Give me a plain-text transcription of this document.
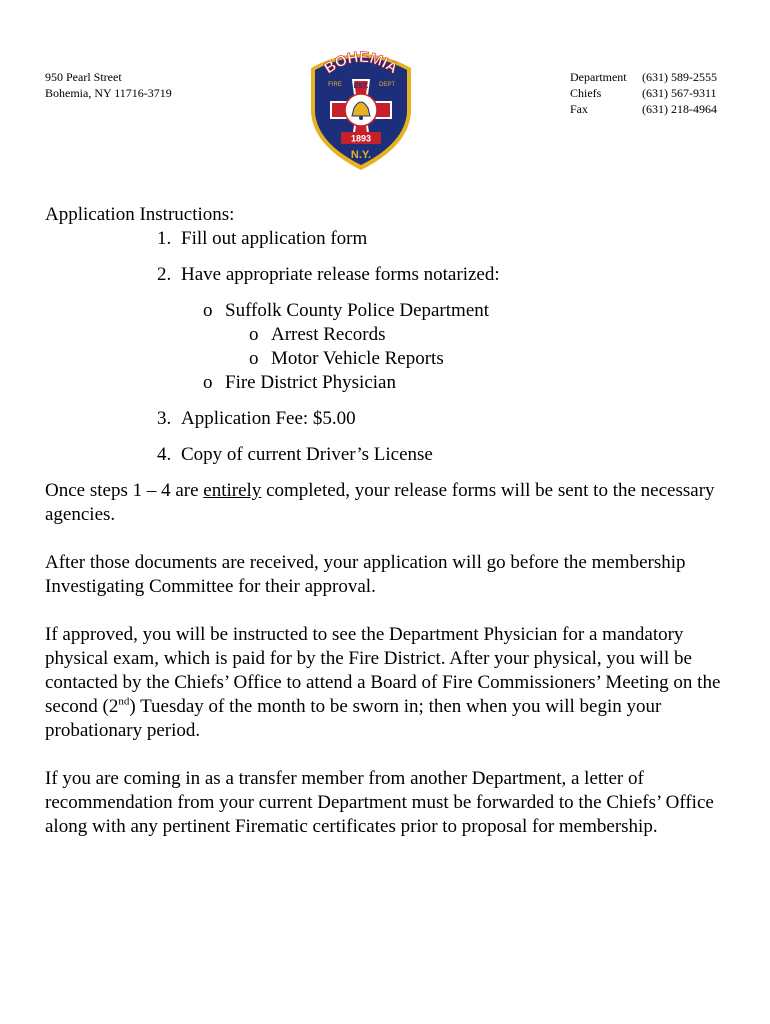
950 Pearl Street
Bohemia, NY 11716-3719
BOHEMIA
EST.
FIRE	DEPT
1893
N.Y.
Department	(631) 589-2555
Chiefs	(631) 567-9311
Fax	(631) 218-4964
Application Instructions:
1. Fill out application form
2. Have appropriate release forms notarized:
o Suffolk County Police Department
o Arrest Records
o Motor Vehicle Reports
o Fire District Physician
3. Application Fee: $5.00
4. Copy of current Driver’s License

Once steps 1 – 4 are entirely completed, your release forms will be sent to the necessary agencies.

After those documents are received, your application will go before the membership Investigating Committee for their approval.

If approved, you will be instructed to see the Department Physician for a mandatory physical exam, which is paid for by the Fire District. After your physical, you will be contacted by the Chiefs’ Office to attend a Board of Fire Commissioners’ Meeting on the second (2nd) Tuesday of the month to be sworn in; then when you will begin your probationary period.

If you are coming in as a transfer member from another Department, a letter of recommendation from your current Department must be forwarded to the Chiefs’ Office along with any pertinent Firematic certificates prior to proposal for membership.
